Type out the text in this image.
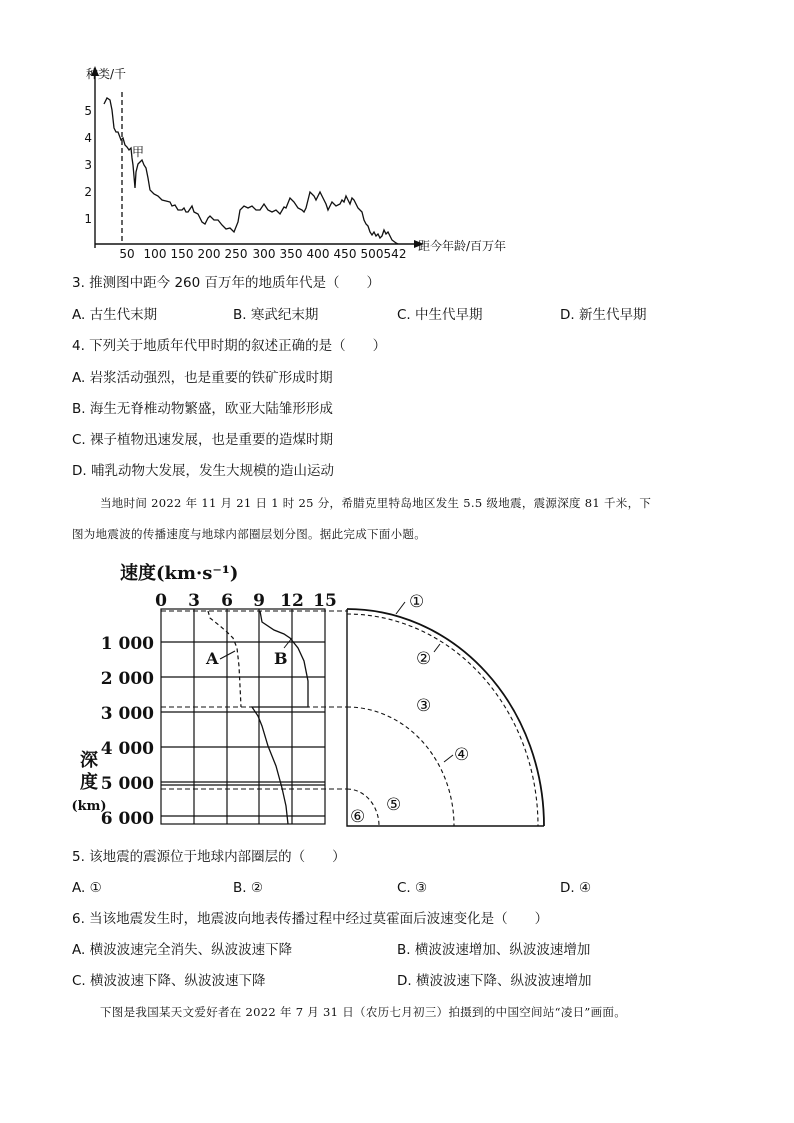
种类/千
距今年龄/百万年
1
2
3
4
5
50 100 150 200 250 300 350 400 450 500 542
甲
3. 推测图中距今 260 百万年的地质年代是（　　）
A. 古生代末期	B. 寒武纪末期	C. 中生代早期	D. 新生代早期
4. 下列关于地质年代甲时期的叙述正确的是（　　）
A. 岩浆活动强烈，也是重要的铁矿形成时期
B. 海生无脊椎动物繁盛，欧亚大陆雏形形成
C. 裸子植物迅速发展，也是重要的造煤时期
D. 哺乳动物大发展，发生大规模的造山运动
当地时间 2022 年 11 月 21 日 1 时 25 分，希腊克里特岛地区发生 5.5 级地震，震源深度 81 千米，下
图为地震波的传播速度与地球内部圈层划分图。据此完成下面小题。
速度(km·s⁻¹)
0 3 6 9 12 15
1 000
2 000
3 000
4 000
5 000
6 000
深
度
(km)
A	B
①
②
③
④
⑤
⑥
5. 该地震的震源位于地球内部圈层的（　　）
A. ①	B. ②	C. ③	D. ④
6. 当该地震发生时，地震波向地表传播过程中经过莫霍面后波速变化是（　　）
A. 横波波速完全消失、纵波波速下降	B. 横波波速增加、纵波波速增加
C. 横波波速下降、纵波波速下降	D. 横波波速下降、纵波波速增加
下图是我国某天文爱好者在 2022 年 7 月 31 日（农历七月初三）拍摄到的中国空间站“凌日”画面。
